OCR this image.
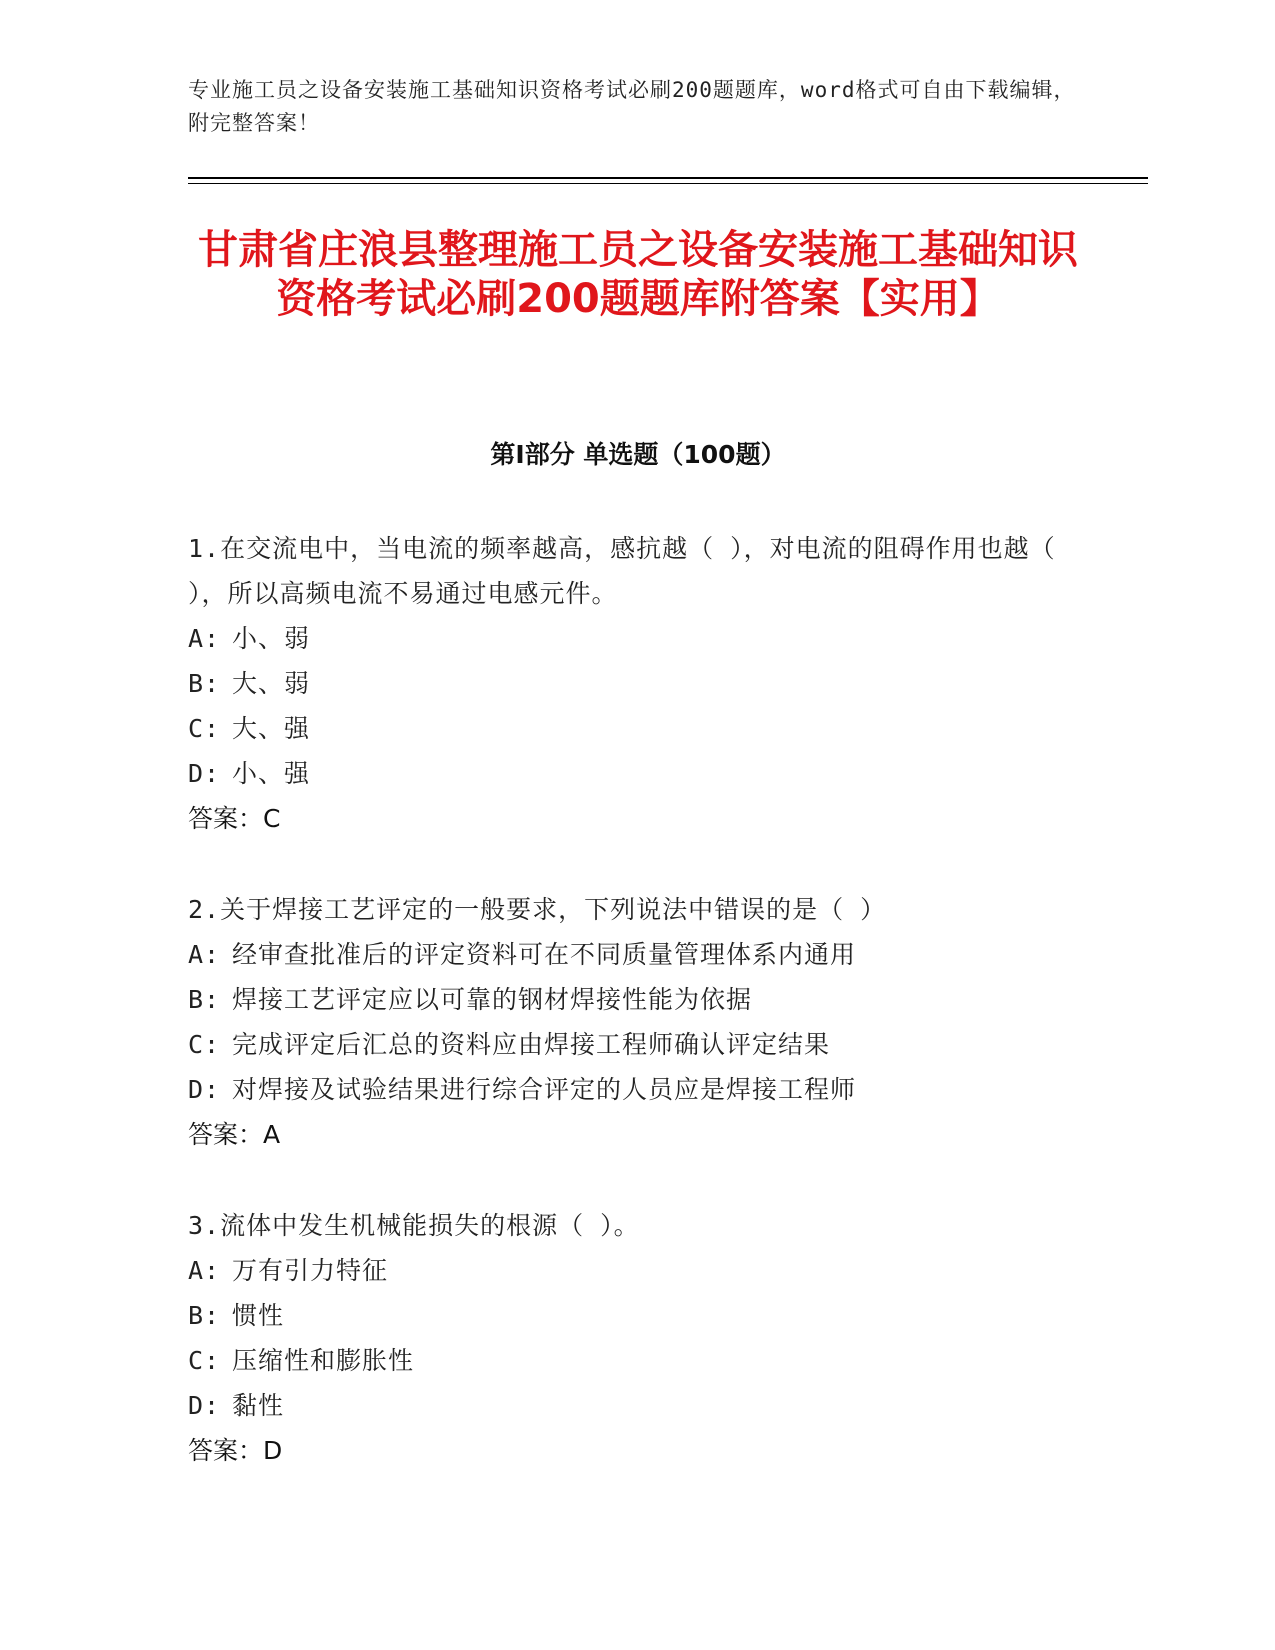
专业施工员之设备安装施工基础知识资格考试必刷200题题库，word格式可自由下载编辑，附完整答案！

甘肃省庄浪县整理施工员之设备安装施工基础知识资格考试必刷200题题库附答案【实用】
第Ⅰ部分 单选题（100题）

1.在交流电中，当电流的频率越高，感抗越（ ），对电流的阻碍作用也越（ ），所以高频电流不易通过电感元件。

A: 小、弱

B: 大、弱

C: 大、强

D: 小、强

答案：C

2.关于焊接工艺评定的一般要求，下列说法中错误的是（ ）

A: 经审查批准后的评定资料可在不同质量管理体系内通用

B: 焊接工艺评定应以可靠的钢材焊接性能为依据

C: 完成评定后汇总的资料应由焊接工程师确认评定结果

D: 对焊接及试验结果进行综合评定的人员应是焊接工程师

答案：A

3.流体中发生机械能损失的根源（ ）。

A: 万有引力特征

B: 惯性

C: 压缩性和膨胀性

D: 黏性

答案：D
